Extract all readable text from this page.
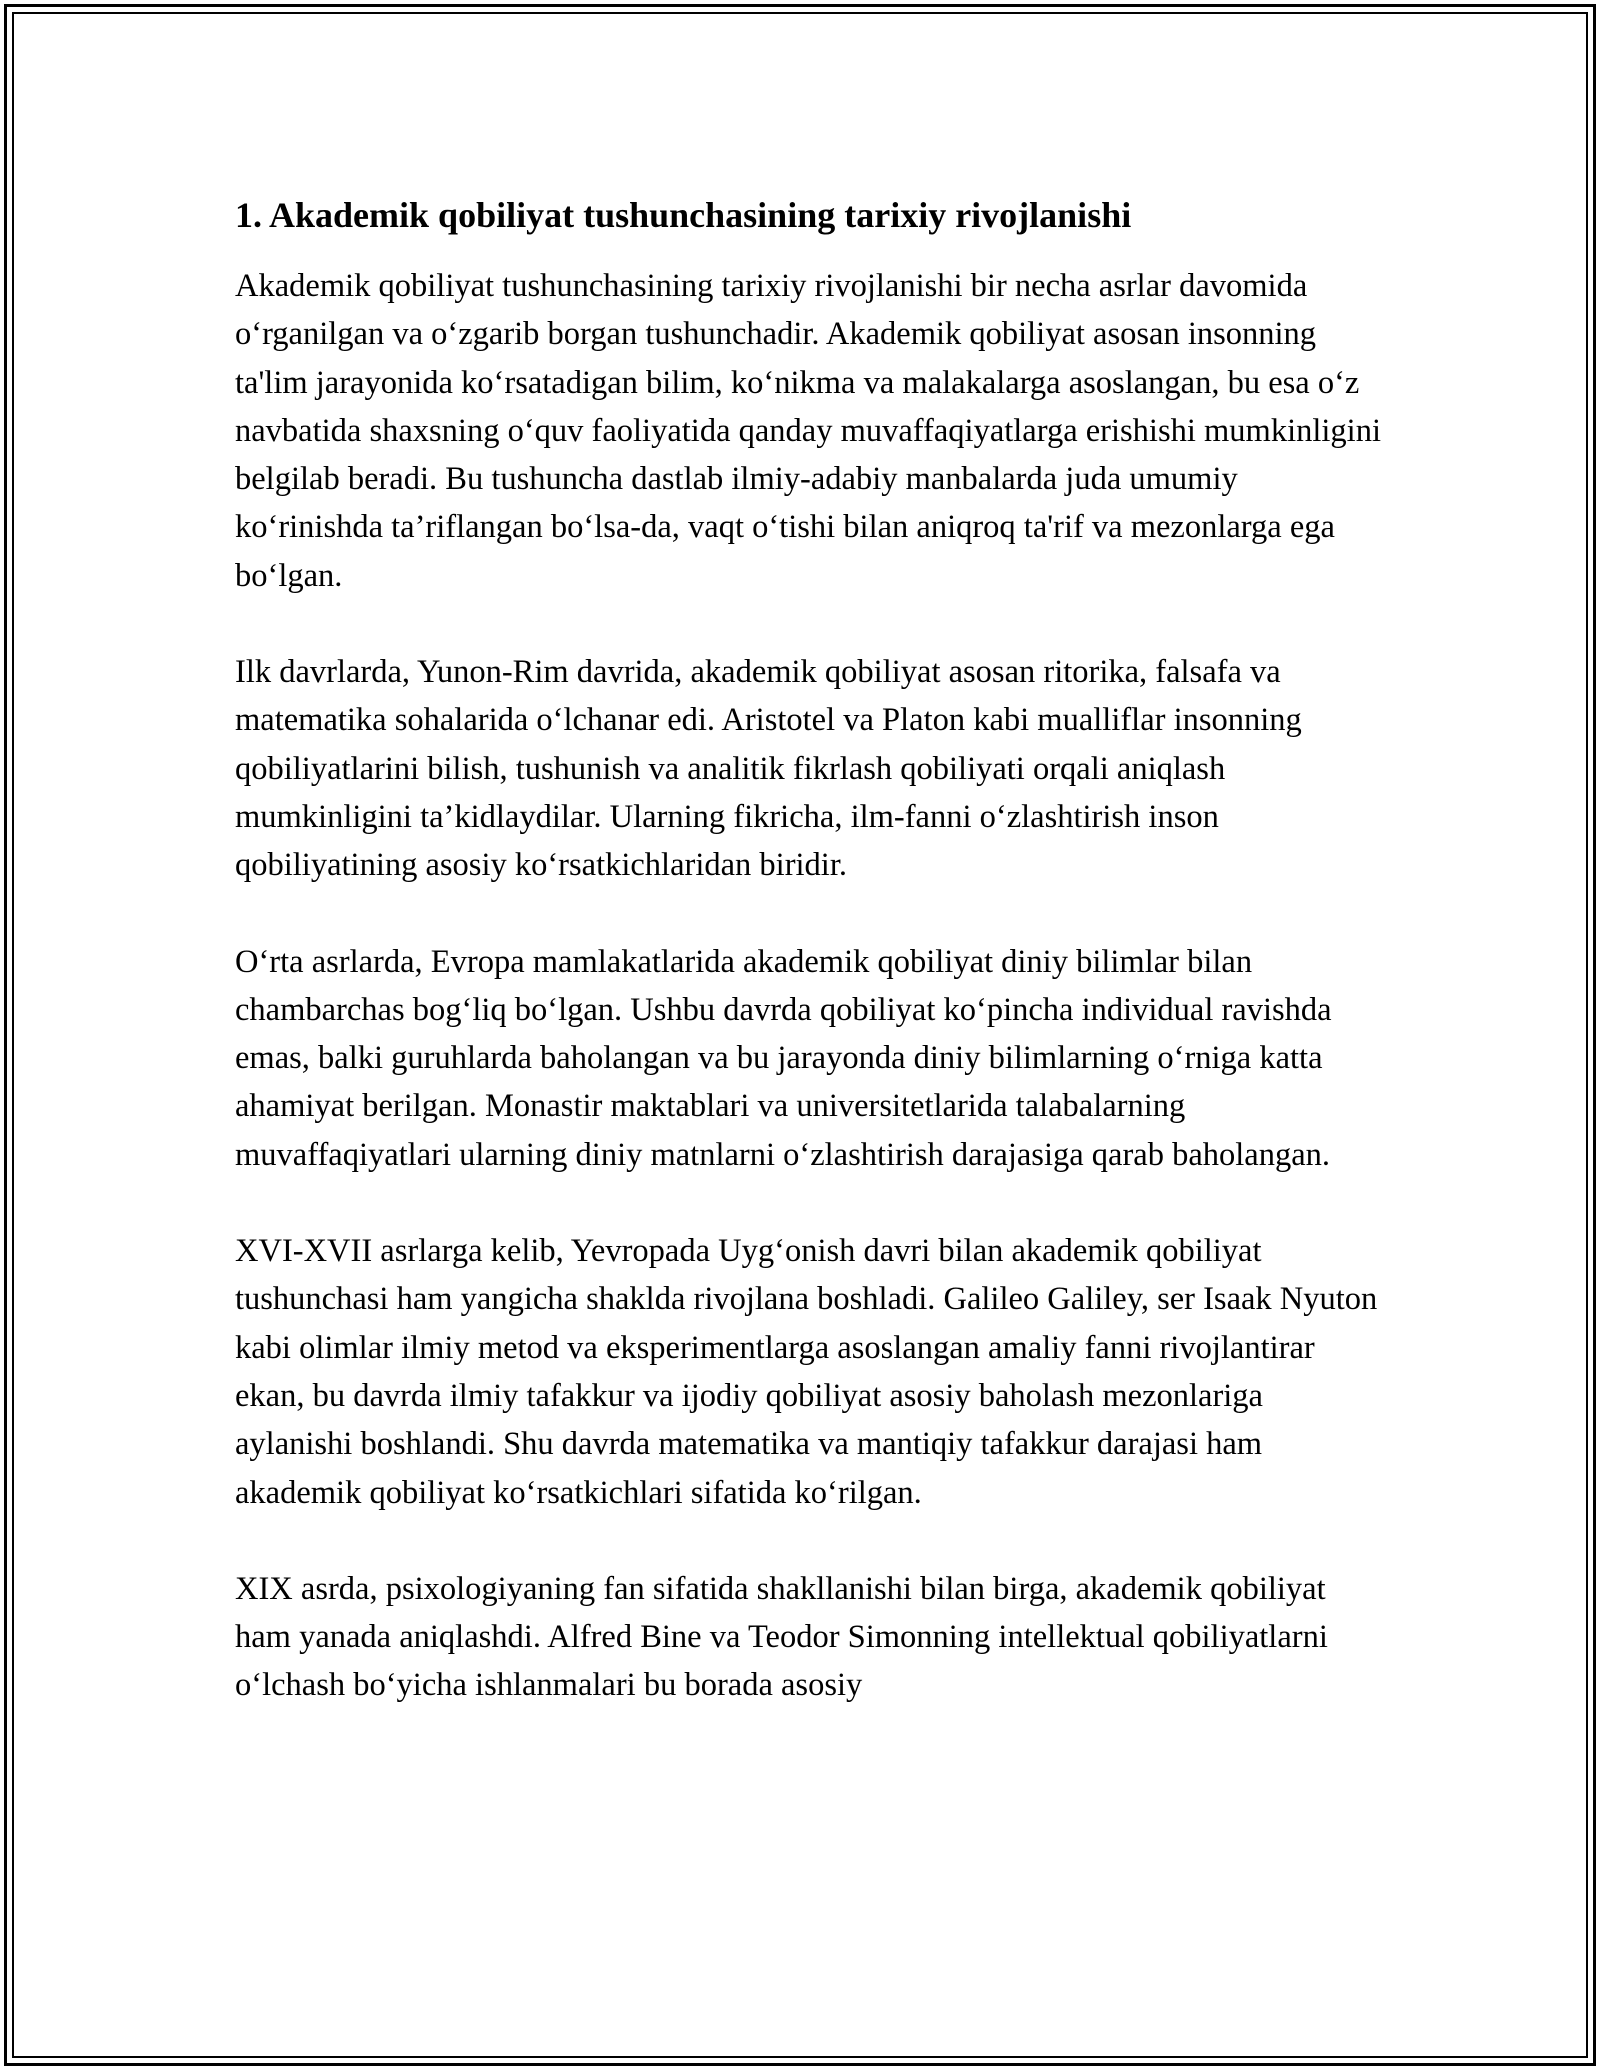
1. Akademik qobiliyat tushunchasining tarixiy rivojlanishi

Akademik qobiliyat tushunchasining tarixiy rivojlanishi bir necha asrlar davomida o‘rganilgan va o‘zgarib borgan tushunchadir. Akademik qobiliyat asosan insonning ta'lim jarayonida ko‘rsatadigan bilim, ko‘nikma va malakalarga asoslangan, bu esa o‘z navbatida shaxsning o‘quv faoliyatida qanday muvaffaqiyatlarga erishishi mumkinligini belgilab beradi. Bu tushuncha dastlab ilmiy-adabiy manbalarda juda umumiy ko‘rinishda ta’riflangan bo‘lsa-da, vaqt o‘tishi bilan aniqroq ta'rif va mezonlarga ega bo‘lgan.

Ilk davrlarda, Yunon-Rim davrida, akademik qobiliyat asosan ritorika, falsafa va matematika sohalarida o‘lchanar edi. Aristotel va Platon kabi mualliflar insonning qobiliyatlarini bilish, tushunish va analitik fikrlash qobiliyati orqali aniqlash mumkinligini ta’kidlaydilar. Ularning fikricha, ilm-fanni o‘zlashtirish inson qobiliyatining asosiy ko‘rsatkichlaridan biridir.

O‘rta asrlarda, Evropa mamlakatlarida akademik qobiliyat diniy bilimlar bilan chambarchas bog‘liq bo‘lgan. Ushbu davrda qobiliyat ko‘pincha individual ravishda emas, balki guruhlarda baholangan va bu jarayonda diniy bilimlarning o‘rniga katta ahamiyat berilgan. Monastir maktablari va universitetlarida talabalarning muvaffaqiyatlari ularning diniy matnlarni o‘zlashtirish darajasiga qarab baholangan.

XVI-XVII asrlarga kelib, Yevropada Uyg‘onish davri bilan akademik qobiliyat tushunchasi ham yangicha shaklda rivojlana boshladi. Galileo Galiley, ser Isaak Nyuton kabi olimlar ilmiy metod va eksperimentlarga asoslangan amaliy fanni rivojlantirar ekan, bu davrda ilmiy tafakkur va ijodiy qobiliyat asosiy baholash mezonlariga aylanishi boshlandi. Shu davrda matematika va mantiqiy tafakkur darajasi ham akademik qobiliyat ko‘rsatkichlari sifatida ko‘rilgan.

XIX asrda, psixologiyaning fan sifatida shakllanishi bilan birga, akademik qobiliyat ham yanada aniqlashdi. Alfred Bine va Teodor Simonning intellektual qobiliyatlarni o‘lchash bo‘yicha ishlanmalari bu borada asosiy
